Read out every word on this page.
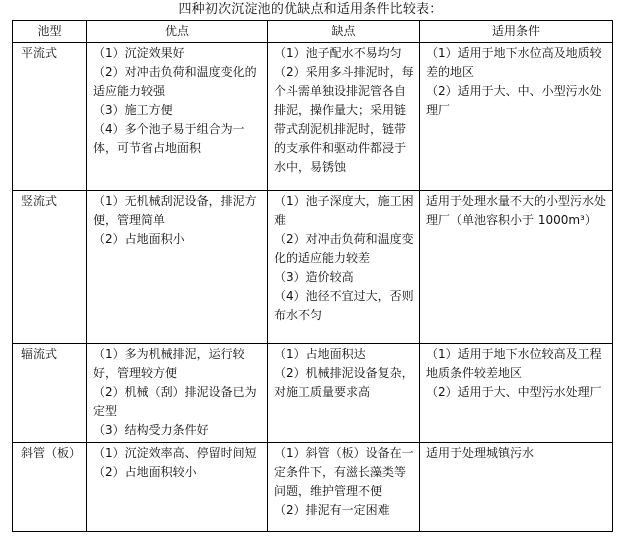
四种初次沉淀池的优缺点和适用条件比较表：
池型	优点	缺点	适用条件
平流式	（1）沉淀效果好
（2）对冲击负荷和温度变化的适应能力较强
（3）施工方便
（4）多个池子易于组合为一体，可节省占地面积	（1）池子配水不易均匀
（2）采用多斗排泥时，每个斗需单独设排泥管各自排泥，操作量大；采用链带式刮泥机排泥时，链带的支承件和驱动件都浸于水中，易锈蚀	（1）适用于地下水位高及地质较差的地区
（2）适用于大、中、小型污水处理厂

竖流式	（1）无机械刮泥设备，排泥方便，管理简单
（2）占地面积小	（1）池子深度大，施工困难
（2）对冲击负荷和温度变化的适应能力较差
（3）造价较高
（4）池径不宜过大，否则布水不匀	适用于处理水量不大的小型污水处理厂（单池容积小于 1000m³）

辐流式	（1）多为机械排泥，运行较好，管理较方便
（2）机械（刮）排泥设备已为定型
（3）结构受力条件好	（1）占地面积达
（2）机械排泥设备复杂，对施工质量要求高	（1）适用于地下水位较高及工程地质条件较差地区
（2）适用于大、中型污水处理厂

斜管（板）	（1）沉淀效率高、停留时间短
（2）占地面积较小	（1）斜管（板）设备在一定条件下，有滋长藻类等问题，维护管理不便
（2）排泥有一定困难	适用于处理城镇污水
